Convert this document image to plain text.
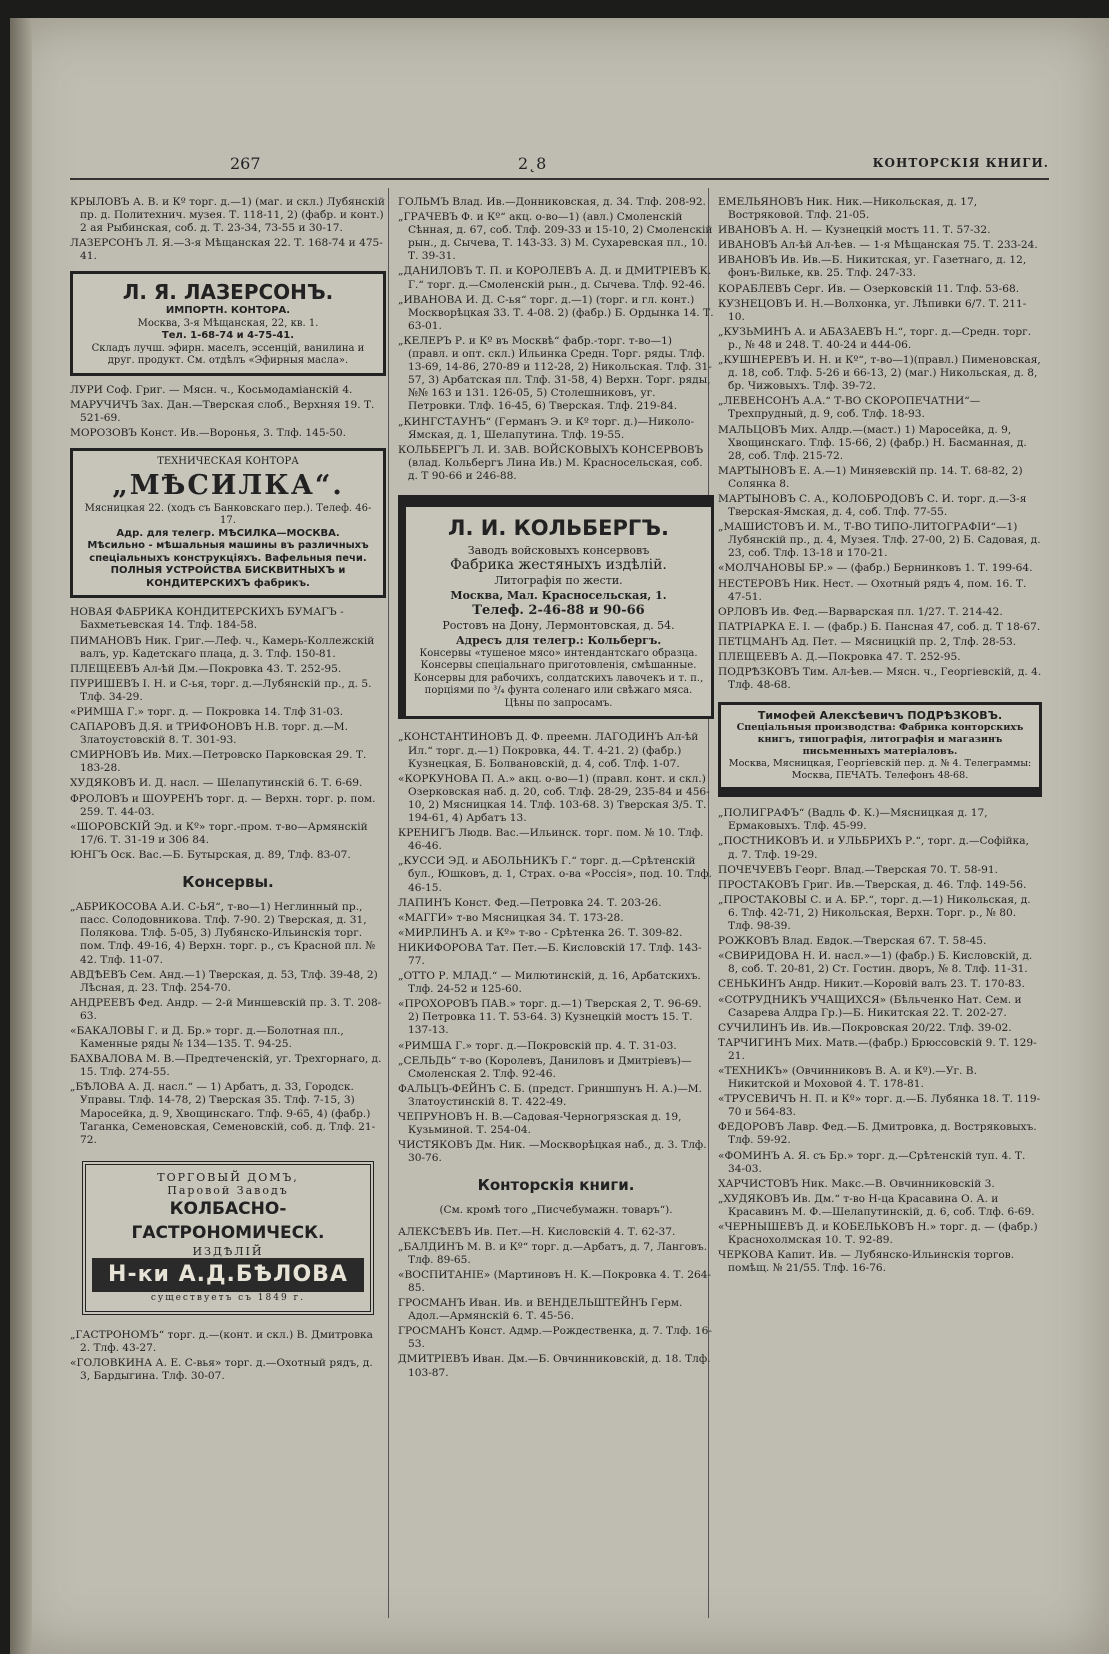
267	2˛8	КОНТОРСКІЯ КНИГИ.

КРЫЛОВЪ А. В. и Кº торг. д.—1) (маг. и скл.) Лубянскій пр. д. Политехнич. музея. Т. 118-11, 2) (фабр. и конт.) 2 ая Рыбинская, соб. д. Т. 23-34, 73-55 и 30-17.

ЛАЗЕРСОНЪ Л. Я.—3-я Мѣщанская 22. Т. 168-74 и 475-41.

Л. Я. ЛАЗЕРСОНЪ.
ИМПОРТН. КОНТОРА.
Москва, 3-я Мѣщанская, 22, кв. 1.
Тел. 1-68-74 и 4-75-41.
Складъ лучш. эфирн. маселъ, эссенцій, ванилина и друг. продукт. См. отдѣлъ «Эфирныя масла».

ЛУРИ Соф. Григ. — Мясн. ч., Косьмодаміанскій 4.

МАРУЧИЧЪ Зах. Дан.—Тверская слоб., Верхняя 19. Т. 521-69.

МОРОЗОВЪ Конст. Ив.—Воронья, 3. Тлф. 145-50.

ТЕХНИЧЕСКАЯ КОНТОРА
„МѢСИЛКА“.
Мясницкая 22. (ходъ съ Банковскаго пер.). Телеф. 46-17.
Адр. для телегр. МѢСИЛКА—МОСКВА.
Мѣсильно - мѣшальныя машины въ различныхъ спеціальныхъ конструкціяхъ. Вафельныя печи. ПОЛНЫЯ УСТРОЙСТВА БИСКВИТНЫХЪ и КОНДИТЕРСКИХЪ фабрикъ.

НОВАЯ ФАБРИКА КОНДИТЕРСКИХЪ БУМАГЪ - Бахметьевская 14. Тлф. 184-58.

ПИМАНОВЪ Ник. Григ.—Леф. ч., Камерь-Коллежскій валъ, ур. Кадетскаго плаца, д. 3. Тлф. 150-81.

ПЛЕЩЕЕВЪ Ал-ѣй Дм.—Покровка 43. Т. 252-95.

ПУРИШЕВЪ І. Н. и С-ья, торг. д.—Лубянскій пр., д. 5. Тлф. 34-29.

«РИМША Г.» торг. д. — Покровка 14. Тлф 31-03.

САПАРОВЪ Д.Я. и ТРИФОНОВЪ Н.В. торг. д.—М. Златоустовскій 8. Т. 301-93.

СМИРНОВЪ Ив. Мих.—Петровско Парковская 29. Т. 183-28.

ХУДЯКОВЪ И. Д. насл. — Шелапутинскій 6. Т. 6-69.

ФРОЛОВЪ и ШОУРЕНЪ торг. д. — Верхн. торг. р. пом. 259. Т. 44-03.

«ШОРОВСКІЙ Эд. и Кº» торг.-пром. т-во—Армянскій 17/6. Т. 31-19 и 306 84.

ЮНГЪ Оск. Вас.—Б. Бутырская, д. 89, Тлф. 83-07.

Консервы.

„АБРИКОСОВА А.И. С-ЬЯ“, т-во—1) Неглинный пр., пасс. Солодовникова. Тлф. 7-90. 2) Тверская, д. 31, Полякова. Тлф. 5-05, 3) Лубянско-Ильинскія торг. пом. Тлф. 49-16, 4) Верхн. торг. р., съ Красной пл. № 42. Тлф. 11-07.

АВДѢЕВЪ Сем. Анд.—1) Тверская, д. 53, Тлф. 39-48, 2) Лѣсная, д. 23. Тлф. 254-70.

АНДРЕЕВЪ Фед. Андр. — 2-й Миншевскій пр. 3. Т. 208-63.

«БАКАЛОВЫ Г. и Д. Бр.» торг. д.—Болотная пл., Каменные ряды № 134—135. Т. 94-25.

БАХВАЛОВА М. В.—Предтеченскій, уг. Трехгорнаго, д. 15. Тлф. 274-55.

„БѢЛОВА А. Д. насл.“ — 1) Арбатъ, д. 33, Городск. Управы. Тлф. 14-78, 2) Тверская 35. Тлф. 7-15, 3) Маросейка, д. 9, Хвощинскаго. Тлф. 9-65, 4) (фабр.) Таганка, Семеновская, Семеновскій, соб. д. Тлф. 21-72.

ТОРГОВЫЙ ДОМЪ,
Паровой Заводъ
КОЛБАСНО-ГАСТРОНОМИЧЕСК.
ИЗДѢЛІЙ
Н-ки А.Д.БѢЛОВА
существуетъ съ 1849 г.

„ГАСТРОНОМЪ“ торг. д.—(конт. и скл.) В. Дмитровка 2. Тлф. 43-27.

«ГОЛОВКИНА А. Е. С-вья» торг. д.—Охотный рядъ, д. 3, Бардыгина. Тлф. 30-07.

ГОЛЬМЪ Влад. Ив.—Донниковская, д. 34. Тлф. 208-92.

„ГРАЧЕВЪ Ф. и Кº“ акц. о-во—1) (авл.) Смоленскій Сѣнная, д. 67, соб. Тлф. 209-33 и 15-10, 2) Смоленскій рын., д. Сычева, Т. 143-33. 3) М. Сухаревская пл., 10. Т. 39-31.

„ДАНИЛОВЪ Т. П. и КОРОЛЕВЪ А. Д. и ДМИТРІЕВЪ К. Г.“ торг. д.—Смоленскій рын., д. Сычева. Тлф. 92-46.

„ИВАНОВА И. Д. С-ья“ торг. д.—1) (торг. и гл. конт.) Москворѣцкая 33. Т. 4-08. 2) (фабр.) Б. Ордынка 14. Т. 63-01.

„КЕЛЕРЪ Р. и Кº въ Москвѣ“ фабр.-торг. т-во—1) (правл. и опт. скл.) Ильинка Средн. Торг. ряды. Тлф. 13-69, 14-86, 270-89 и 112-28, 2) Никольская. Тлф. 31-57, 3) Арбатская пл. Тлф. 31-58, 4) Верхн. Торг. ряды, №№ 163 и 131. 126-05, 5) Столешниковъ, уг. Петровки. Тлф. 16-45, 6) Тверская. Тлф. 219-84.

„КИНГСТАУНЪ“ (Германъ Э. и Кº торг. д.)—Николо-Ямская, д. 1, Шелапутина. Тлф. 19-55.

КОЛЬБЕРГЪ Л. И. ЗАВ. ВОЙСКОВЫХЪ КОНСЕРВОВЪ (влад. Кольбергъ Лина Ив.) М. Красносельская, соб. д. Т 90-66 и 246-88.

Л. И. КОЛЬБЕРГЪ.
Заводъ войсковыхъ консервовъ
Фабрика жестяныхъ издѣлій.
Литографія по жести.
Москва, Мал. Красносельская, 1.
Телеф. 2-46-88 и 90-66
Ростовъ на Дону, Лермонтовская, д. 54.
Адресъ для телегр.: Кольбергъ.
Консервы «тушеное мясо» интендантскаго образца. Консервы спеціальнаго приготовленія, смѣшанные. Консервы для рабочихъ, солдатскихъ лавочекъ и т. п., порціями по ³/₄ фунта соленаго или свѣжаго мяса. Цѣны по запросамъ.

„КОНСТАНТИНОВЪ Д. Ф. преемн. ЛАГОДИНЪ Ал-ѣй Ил.“ торг. д.—1) Покровка, 44. Т. 4-21. 2) (фабр.) Кузнецкая, Б. Болвановскій, д. 4, соб. Тлф. 1-07.

«КОРКУНОВА П. А.» акц. о-во—1) (правл. конт. и скл.) Озерковская наб. д. 20, соб. Тлф. 28-29, 235-84 и 456-10, 2) Мясницкая 14. Тлф. 103-68. 3) Тверская 3/5. Т. 194-61, 4) Арбатъ 13.

КРЕНИГЪ Людв. Вас.—Ильинск. торг. пом. № 10. Тлф. 46-46.

„КУССИ ЭД. и АБОЛЬНИКЪ Г.“ торг. д.—Срѣтенскій бул., Юшковъ, д. 1, Страх. о-ва «Россія», под. 10. Тлф. 46-15.

ЛАПИНЪ Конст. Фед.—Петровка 24. Т. 203-26.

«МАГГИ» т-во Мясницкая 34. Т. 173-28.

«МИРЛИНЪ А. и Кº» т-во - Срѣтенка 26. Т. 309-82.

НИКИФОРОВА Тат. Пет.—Б. Кисловскій 17. Тлф. 143-77.

„ОТТО Р. МЛАД.“ — Милютинскій, д. 16, Арбатскихъ. Тлф. 24-52 и 125-60.

«ПРОХОРОВЪ ПАВ.» торг. д.—1) Тверская 2, Т. 96-69. 2) Петровка 11. Т. 53-64. 3) Кузнецкій мостъ 15. Т. 137-13.

«РИМША Г.» торг. д.—Покровскій пр. 4. Т. 31-03.

„СЕЛЬДЬ“ т-во (Королевъ, Даниловъ и Дмитріевъ)—Смоленская 2. Тлф. 92-46.

ФАЛЬЦЪ-ФЕЙНЪ С. Б. (предст. Гриншпунъ Н. А.)—М. Златоустинскій 8. Т. 422-49.

ЧЕПРУНОВЪ Н. В.—Садовая-Черногрязская д. 19, Кузьминой. Т. 254-04.

ЧИСТЯКОВЪ Дм. Ник. —Москворѣцкая наб., д. 3. Тлф. 30-76.

Конторскія книги.
(См. кромѣ того „Писчебумажн. товаръ“).

АЛЕКСѢЕВЪ Ив. Пет.—Н. Кисловскій 4. Т. 62-37.

„БАЛДИНЪ М. В. и Кº“ торг. д.—Арбатъ, д. 7, Ланговъ. Тлф. 89-65.

«ВОСПИТАНІЕ» (Мартиновъ Н. К.—Покровка 4. Т. 264-85.

ГРОСМАНЪ Иван. Ив. и ВЕНДЕЛЬШТЕЙНЪ Герм. Адол.—Армянскій 6. Т. 45-56.

ГРОСМАНЪ Конст. Адмр.—Рождественка, д. 7. Тлф. 16-53.

ДМИТРІЕВЪ Иван. Дм.—Б. Овчинниковскій, д. 18. Тлф. 103-87.

ЕМЕЛЬЯНОВЪ Ник. Ник.—Никольская, д. 17, Востряковой. Тлф. 21-05.

ИВАНОВЪ А. Н. — Кузнецкій мостъ 11. Т. 57-32.

ИВАНОВЪ Ал-ѣй Ал-ѣев. — 1-я Мѣщанская 75. Т. 233-24.

ИВАНОВЪ Ив. Ив.—Б. Никитская, уг. Газетнаго, д. 12, фонъ-Вильке, кв. 25. Тлф. 247-33.

КОРАБЛЕВЪ Серг. Ив. — Озерковскій 11. Тлф. 53-68.

КУЗНЕЦОВЪ И. Н.—Волхонка, уг. Лѣпивки 6/7. Т. 211-10.

„КУЗЬМИНЪ А. и АБАЗАЕВЪ Н.“, торг. д.—Средн. торг. р., № 48 и 248. Т. 40-24 и 444-06.

„КУШНЕРЕВЪ И. Н. и Кº“, т-во—1)(правл.) Пименовская, д. 18, соб. Тлф. 5-26 и 66-13, 2) (маг.) Никольская, д. 8, бр. Чижовыхъ. Тлф. 39-72.

„ЛЕВЕНСОНЪ А.А.“ Т-ВО СКОРОПЕЧАТНИ“—Трехпрудный, д. 9, соб. Тлф. 18-93.

МАЛЬЦОВЪ Мих. Алдр.—(маст.) 1) Маросейка, д. 9, Хвощинскаго. Тлф. 15-66, 2) (фабр.) Н. Басманная, д. 28, соб. Тлф. 215-72.

МАРТЫНОВЪ Е. А.—1) Миняевскій пр. 14. Т. 68-82, 2) Солянка 8.

МАРТЫНОВЪ С. А., КОЛОБРОДОВЪ С. И. торг. д.—3-я Тверская-Ямская, д. 4, соб. Тлф. 77-55.

„МАШИСТОВЪ И. М., Т-ВО ТИПО-ЛИТОГРАФІИ“—1) Лубянскій пр., д. 4, Музея. Тлф. 27-00, 2) Б. Садовая, д. 23, соб. Тлф. 13-18 и 170-21.

«МОЛЧАНОВЫ БР.» — (фабр.) Бернинковъ 1. Т. 199-64.

НЕСТЕРОВЪ Ник. Нест. — Охотный рядъ 4, пом. 16. Т. 47-51.

ОРЛОВЪ Ив. Фед.—Варварская пл. 1/27. Т. 214-42.

ПАТРІАРКА Е. І. — (фабр.) Б. Пансная 47, соб. д. Т 18-67.

ПЕТЦМАНЪ Ад. Пет. — Мясницкій пр. 2, Тлф. 28-53.

ПЛЕЩЕЕВЪ А. Д.—Покровка 47. Т. 252-95.

ПОДРѢЗКОВЪ Тим. Ал-ѣев.— Мясн. ч., Георгіевскій, д. 4. Тлф. 48-68.

Тимофей Алексѣевичъ ПОДРѢЗКОВЪ.
Спеціальныя производства: Фабрика конторскихъ книгъ, типографія, литографія и магазинъ письменныхъ матеріаловъ.
Москва, Мясницкая, Георгіевскій пер. д. № 4. Телеграммы: Москва, ПЕЧАТЬ. Телефонъ 48-68.

„ПОЛИГРАФЪ“ (Вадль Ф. К.)—Мясницкая д. 17, Ермаковыхъ. Тлф. 45-99.

„ПОСТНИКОВЪ И. и УЛЬБРИХЪ Р.“, торг. д.—Софійка, д. 7. Тлф. 19-29.

ПОЧЕЧУЕВЪ Георг. Влад.—Тверская 70. Т. 58-91.

ПРОСТАКОВЪ Григ. Ив.—Тверская, д. 46. Тлф. 149-56.

„ПРОСТАКОВЫ С. и А. БР.“, торг. д.—1) Никольская, д. 6. Тлф. 42-71, 2) Никольская, Верхн. Торг. р., № 80. Тлф. 98-39.

РОЖКОВЪ Влад. Евдок.—Тверская 67. Т. 58-45.

«СВИРИДОВА Н. И. насл.»—1) (фабр.) Б. Кисловскій, д. 8, соб. Т. 20-81, 2) Ст. Гостин. дворъ, № 8. Тлф. 11-31.

СЕНЬКИНЪ Андр. Никит.—Коровій валъ 23. Т. 170-83.

«СОТРУДНИКЪ УЧАЩИХСЯ» (Бѣльченко Нат. Сем. и Сазарева Алдра Гр.)—Б. Никитская 22. Т. 202-27.

СУЧИЛИНЪ Ив. Ив.—Покровская 20/22. Тлф. 39-02.

ТАРЧИГИНЪ Мих. Матв.—(фабр.) Брюссовскій 9. Т. 129-21.

«ТЕХНИКЪ» (Овчинниковъ В. А. и Кº).—Уг. В. Никитской и Моховой 4. Т. 178-81.

«ТРУСЕВИЧЪ Н. П. и Кº» торг. д.—Б. Лубянка 18. Т. 119-70 и 564-83.

ФЕДОРОВЪ Лавр. Фед.—Б. Дмитровка, д. Востряковыхъ. Тлф. 59-92.

«ФОМИНЪ А. Я. съ Бр.» торг. д.—Срѣтенскій туп. 4. Т. 34-03.

ХАРЧИСТОВЪ Ник. Макс.—В. Овчинниковскій 3.

„ХУДЯКОВЪ Ив. Дм.“ т-во Н-ца Красавина О. А. и Красавинъ М. Ф.—Шелапутинскій, д. 6, соб. Тлф. 6-69.

«ЧЕРНЫШЕВЪ Д. и КОБЕЛЬКОВЪ Н.» торг. д. — (фабр.) Краснохолмская 10. Т. 92-89.

ЧЕРКОВА Капит. Ив. — Лубянско-Ильинскія торгов. помѣщ. № 21/55. Тлф. 16-76.
